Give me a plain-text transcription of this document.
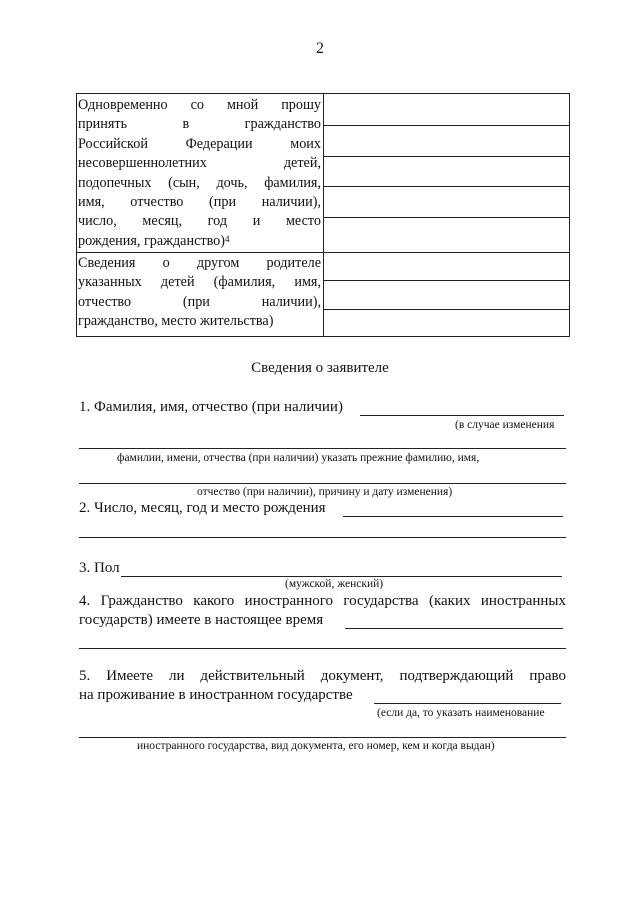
2
Одновременно со мной прошу
принять в гражданство
Российской Федерации моих
несовершеннолетних детей,
подопечных (сын, дочь, фамилия,
имя, отчество (при наличии),
число, месяц, год и место
рождения, гражданство)$^4$
Сведения о другом родителе
указанных детей (фамилия, имя,
отчество (при наличии),
гражданство, место жительства)
Сведения о заявителе
1. Фамилия, имя, отчество (при наличии)
(в случае изменения
фамилии, имени, отчества (при наличии) указать прежние фамилию, имя,
отчество (при наличии), причину и дату изменения)
2. Число, месяц, год и место рождения
3. Пол
(мужской, женский)
4. Гражданство какого иностранного государства (каких иностранных
государств) имеете в настоящее время
5. Имеете ли действительный документ, подтверждающий право
на проживание в иностранном государстве
(если да, то указать наименование
иностранного государства, вид документа, его номер, кем и когда выдан)
